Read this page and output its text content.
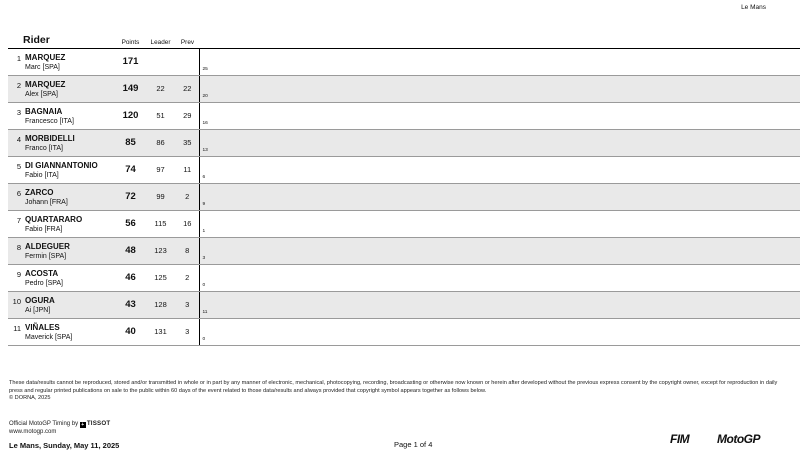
Le Mans
Rider	Points	Leader	Prev																						

1 MARQUEZ
Marc [SPA]	171			25

2 MARQUEZ
Alex [SPA]	149	22	22	20

3 BAGNAIA
Francesco [ITA]	120	51	29	16

4 MORBIDELLI
Franco [ITA]	85	86	35	13

5 DI GIANNANTONIO
Fabio [ITA]	74	97	11	6

6 ZARCO
Johann [FRA]	72	99	2	9

7 QUARTARARO
Fabio [FRA]	56	115	16	1

8 ALDEGUER
Fermin [SPA]	48	123	8	3

9 ACOSTA
Pedro [SPA]	46	125	2	0

10 OGURA
Ai [JPN]	43	128	3	11

11 VIÑALES
Maverick [SPA]	40	131	3	0

These data/results cannot be reproduced, stored and/or transmitted in whole or in part by any manner of electronic, mechanical, photocopying, recording, broadcasting or otherwise now known or herein after developed without the previous express consent by the copyright owner, except for reproduction in daily press and regular printed publications on sale to the public within 60 days of the event related to those data/results and always provided that copyright symbol appears together as follows below.
© DORNA, 2025
Official MotoGP Timing by + TISSOT
www.motogp.com
Le Mans, Sunday, May 11, 2025	Page 1 of 4	FIM MotoGP
